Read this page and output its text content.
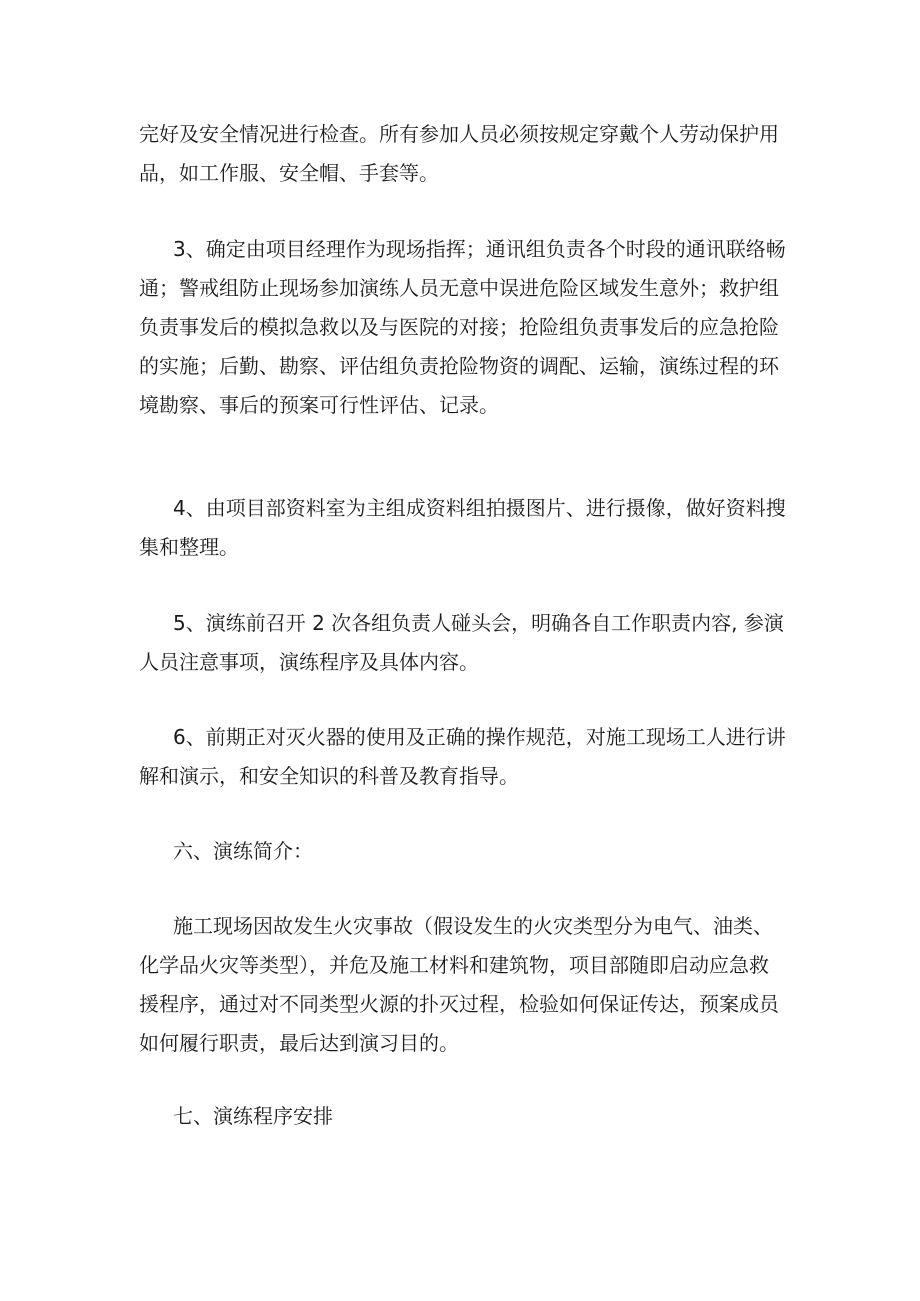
完好及安全情况进行检查。所有参加人员必须按规定穿戴个人劳动保护用
品，如工作服、安全帽、手套等。
3、确定由项目经理作为现场指挥；通讯组负责各个时段的通讯联络畅
通；警戒组防止现场参加演练人员无意中误进危险区域发生意外；救护组
负责事发后的模拟急救以及与医院的对接；抢险组负责事发后的应急抢险
的实施；后勤、勘察、评估组负责抢险物资的调配、运输，演练过程的环
境勘察、事后的预案可行性评估、记录。
4、由项目部资料室为主组成资料组拍摄图片、进行摄像，做好资料搜
集和整理。
5、演练前召开 2 次各组负责人碰头会，明确各自工作职责内容, 参演
人员注意事项，演练程序及具体内容。
6、前期正对灭火器的使用及正确的操作规范，对施工现场工人进行讲
解和演示，和安全知识的科普及教育指导。
六、演练简介：
施工现场因故发生火灾事故（假设发生的火灾类型分为电气、油类、
化学品火灾等类型），并危及施工材料和建筑物，项目部随即启动应急救
援程序，通过对不同类型火源的扑灭过程，检验如何保证传达，预案成员
如何履行职责，最后达到演习目的。
七、演练程序安排
